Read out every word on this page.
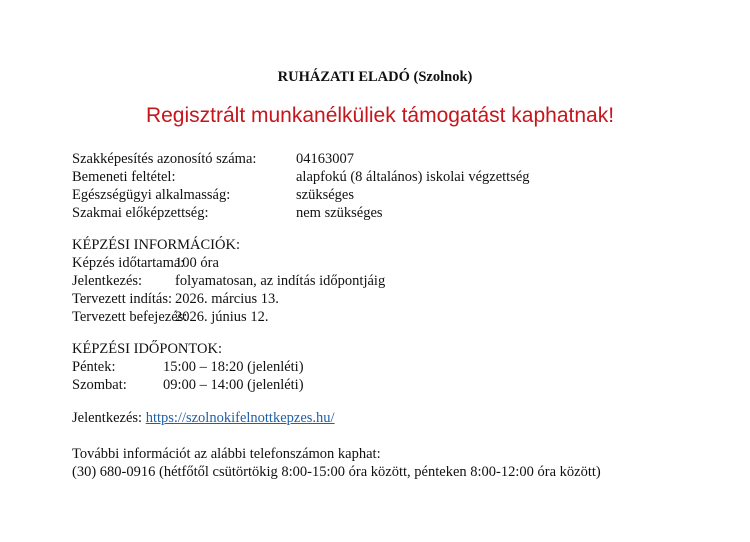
RUHÁZATI ELADÓ (Szolnok)
Regisztrált munkanélküliek támogatást kaphatnak!
Szakképesítés azonosító száma:	04163007
Bemeneti feltétel:	alapfokú (8 általános) iskolai végzettség
Egészségügyi alkalmasság:	szükséges
Szakmai előképzettség:	nem szükséges
KÉPZÉSI INFORMÁCIÓK:
Képzés időtartama:
100 óra
Jelentkezés:	folyamatosan, az indítás időpontjáig
Tervezett indítás: 2026. március 13.
Tervezett befejezés:
2026. június 12.
KÉPZÉSI IDŐPONTOK:
Péntek:	15:00 – 18:20 (jelenléti)
Szombat:	09:00 – 14:00 (jelenléti)
Jelentkezés: https://szolnokifelnottkepzes.hu/
További információt az alábbi telefonszámon kaphat:
(30) 680-0916 (hétfőtől csütörtökig 8:00-15:00 óra között, pénteken 8:00-12:00 óra között)
